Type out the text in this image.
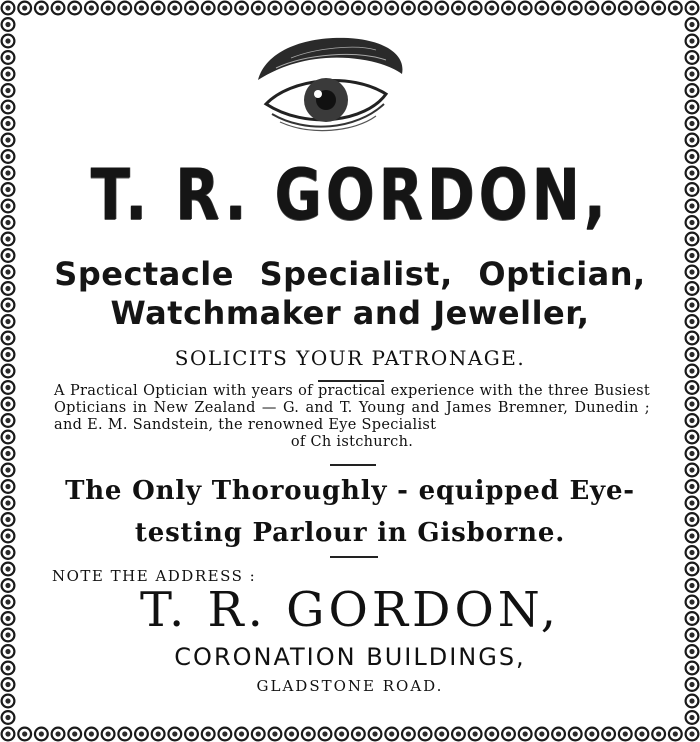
T. R. GORDON,
Spectacle Specialist, Optician,
Watchmaker and Jeweller,
SOLICITS YOUR PATRONAGE.
A Practical Optician with years of practical experience with the three Busiest Opticians in New Zealand — G. and T. Young and James Bremner, Dunedin ; and E. M. Sandstein, the renowned Eye Specialist
of Ch istchurch.
The Only Thoroughly - equipped Eye-
testing Parlour in Gisborne.
NOTE THE ADDRESS :
T. R. GORDON,
CORONATION BUILDINGS,
GLADSTONE ROAD.
